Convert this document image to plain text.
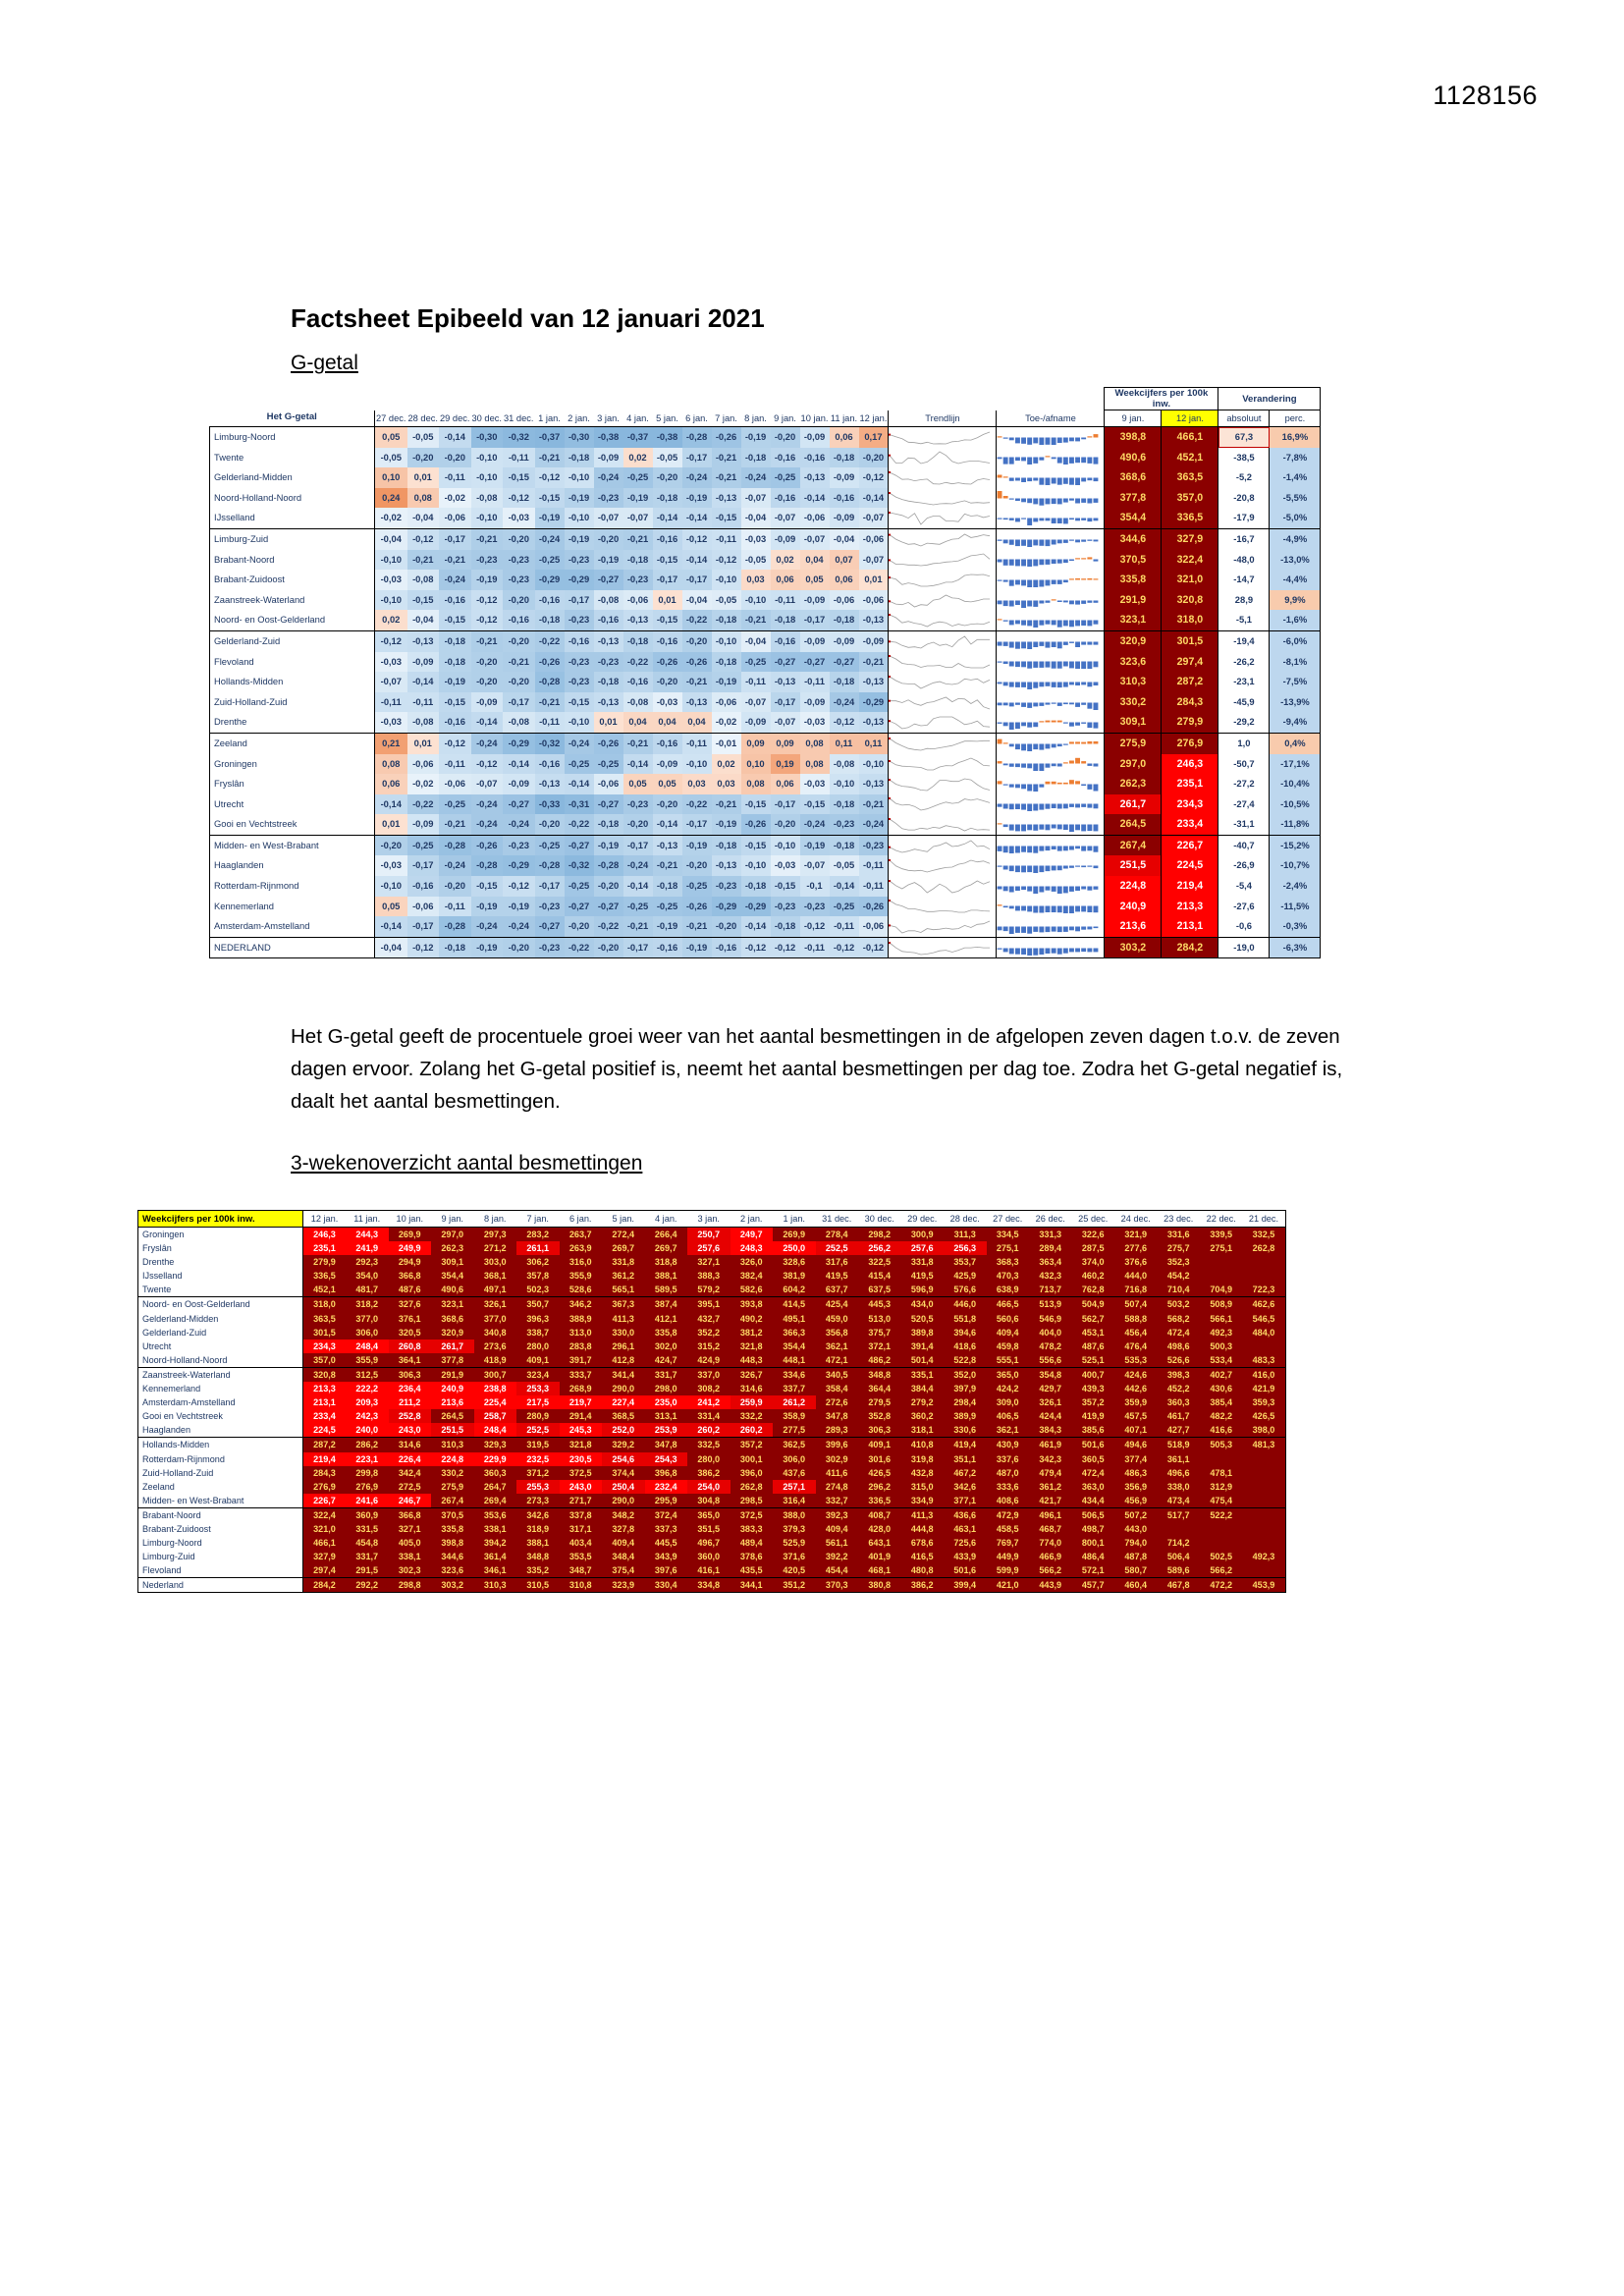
1128156
Factsheet Epibeeld van 12 januari 2021
G-getal
																				Weekcijfers per 100k inw.		Verandering	
Het G-getal	27 dec.	28 dec.	29 dec.	30 dec.	31 dec.	1 jan.	2 jan.	3 jan.	4 jan.	5 jan.	6 jan.	7 jan.	8 jan.	9 jan.	10 jan.	11 jan.	12 jan.	Trendlijn	Toe-/afname	9 jan.	12 jan.	absoluut	perc.
Limburg-Noord	0,05	-0,05	-0,14	-0,30	-0,32	-0,37	-0,30	-0,38	-0,37	-0,38	-0,28	-0,26	-0,19	-0,20	-0,09	0,06	0,17			398,8	466,1	67,3	16,9%
Twente	-0,05	-0,20	-0,20	-0,10	-0,11	-0,21	-0,18	-0,09	0,02	-0,05	-0,17	-0,21	-0,18	-0,16	-0,16	-0,18	-0,20			490,6	452,1	-38,5	-7,8%
Gelderland-Midden	0,10	0,01	-0,11	-0,10	-0,15	-0,12	-0,10	-0,24	-0,25	-0,20	-0,24	-0,21	-0,24	-0,25	-0,13	-0,09	-0,12			368,6	363,5	-5,2	-1,4%
Noord-Holland-Noord	0,24	0,08	-0,02	-0,08	-0,12	-0,15	-0,19	-0,23	-0,19	-0,18	-0,19	-0,13	-0,07	-0,16	-0,14	-0,16	-0,14			377,8	357,0	-20,8	-5,5%
IJsselland	-0,02	-0,04	-0,06	-0,10	-0,03	-0,19	-0,10	-0,07	-0,07	-0,14	-0,14	-0,15	-0,04	-0,07	-0,06	-0,09	-0,07			354,4	336,5	-17,9	-5,0%
Limburg-Zuid	-0,04	-0,12	-0,17	-0,21	-0,20	-0,24	-0,19	-0,20	-0,21	-0,16	-0,12	-0,11	-0,03	-0,09	-0,07	-0,04	-0,06			344,6	327,9	-16,7	-4,9%
Brabant-Noord	-0,10	-0,21	-0,21	-0,23	-0,23	-0,25	-0,23	-0,19	-0,18	-0,15	-0,14	-0,12	-0,05	0,02	0,04	0,07	-0,07			370,5	322,4	-48,0	-13,0%
Brabant-Zuidoost	-0,03	-0,08	-0,24	-0,19	-0,23	-0,29	-0,29	-0,27	-0,23	-0,17	-0,17	-0,10	0,03	0,06	0,05	0,06	0,01			335,8	321,0	-14,7	-4,4%
Zaanstreek-Waterland	-0,10	-0,15	-0,16	-0,12	-0,20	-0,16	-0,17	-0,08	-0,06	0,01	-0,04	-0,05	-0,10	-0,11	-0,09	-0,06	-0,06			291,9	320,8	28,9	9,9%
Noord- en Oost-Gelderland	0,02	-0,04	-0,15	-0,12	-0,16	-0,18	-0,23	-0,16	-0,13	-0,15	-0,22	-0,18	-0,21	-0,18	-0,17	-0,18	-0,13			323,1	318,0	-5,1	-1,6%
Gelderland-Zuid	-0,12	-0,13	-0,18	-0,21	-0,20	-0,22	-0,16	-0,13	-0,18	-0,16	-0,20	-0,10	-0,04	-0,16	-0,09	-0,09	-0,09			320,9	301,5	-19,4	-6,0%
Flevoland	-0,03	-0,09	-0,18	-0,20	-0,21	-0,26	-0,23	-0,23	-0,22	-0,26	-0,26	-0,18	-0,25	-0,27	-0,27	-0,27	-0,21			323,6	297,4	-26,2	-8,1%
Hollands-Midden	-0,07	-0,14	-0,19	-0,20	-0,20	-0,28	-0,23	-0,18	-0,16	-0,20	-0,21	-0,19	-0,11	-0,13	-0,11	-0,18	-0,13			310,3	287,2	-23,1	-7,5%
Zuid-Holland-Zuid	-0,11	-0,11	-0,15	-0,09	-0,17	-0,21	-0,15	-0,13	-0,08	-0,03	-0,13	-0,06	-0,07	-0,17	-0,09	-0,24	-0,29			330,2	284,3	-45,9	-13,9%
Drenthe	-0,03	-0,08	-0,16	-0,14	-0,08	-0,11	-0,10	0,01	0,04	0,04	0,04	-0,02	-0,09	-0,07	-0,03	-0,12	-0,13			309,1	279,9	-29,2	-9,4%
Zeeland	0,21	0,01	-0,12	-0,24	-0,29	-0,32	-0,24	-0,26	-0,21	-0,16	-0,11	-0,01	0,09	0,09	0,08	0,11	0,11			275,9	276,9	1,0	0,4%
Groningen	0,08	-0,06	-0,11	-0,12	-0,14	-0,16	-0,25	-0,25	-0,14	-0,09	-0,10	0,02	0,10	0,19	0,08	-0,08	-0,10			297,0	246,3	-50,7	-17,1%
Fryslân	0,06	-0,02	-0,06	-0,07	-0,09	-0,13	-0,14	-0,06	0,05	0,05	0,03	0,03	0,08	0,06	-0,03	-0,10	-0,13			262,3	235,1	-27,2	-10,4%
Utrecht	-0,14	-0,22	-0,25	-0,24	-0,27	-0,33	-0,31	-0,27	-0,23	-0,20	-0,22	-0,21	-0,15	-0,17	-0,15	-0,18	-0,21			261,7	234,3	-27,4	-10,5%
Gooi en Vechtstreek	0,01	-0,09	-0,21	-0,24	-0,24	-0,20	-0,22	-0,18	-0,20	-0,14	-0,17	-0,19	-0,26	-0,20	-0,24	-0,23	-0,24			264,5	233,4	-31,1	-11,8%
Midden- en West-Brabant	-0,20	-0,25	-0,28	-0,26	-0,23	-0,25	-0,27	-0,19	-0,17	-0,13	-0,19	-0,18	-0,15	-0,10	-0,19	-0,18	-0,23			267,4	226,7	-40,7	-15,2%
Haaglanden	-0,03	-0,17	-0,24	-0,28	-0,29	-0,28	-0,32	-0,28	-0,24	-0,21	-0,20	-0,13	-0,10	-0,03	-0,07	-0,05	-0,11			251,5	224,5	-26,9	-10,7%
Rotterdam-Rijnmond	-0,10	-0,16	-0,20	-0,15	-0,12	-0,17	-0,25	-0,20	-0,14	-0,18	-0,25	-0,23	-0,18	-0,15	-0,1	-0,14	-0,11			224,8	219,4	-5,4	-2,4%
Kennemerland	0,05	-0,06	-0,11	-0,19	-0,19	-0,23	-0,27	-0,27	-0,25	-0,25	-0,26	-0,29	-0,29	-0,23	-0,23	-0,25	-0,26			240,9	213,3	-27,6	-11,5%
Amsterdam-Amstelland	-0,14	-0,17	-0,28	-0,24	-0,24	-0,27	-0,20	-0,22	-0,21	-0,19	-0,21	-0,20	-0,14	-0,18	-0,12	-0,11	-0,06			213,6	213,1	-0,6	-0,3%
NEDERLAND	-0,04	-0,12	-0,18	-0,19	-0,20	-0,23	-0,22	-0,20	-0,17	-0,16	-0,19	-0,16	-0,12	-0,12	-0,11	-0,12	-0,12			303,2	284,2	-19,0	-6,3%

Het G-getal geeft de procentuele groei weer van het aantal besmettingen in de afgelopen zeven dagen t.o.v. de zeven dagen ervoor. Zolang het G-getal positief is, neemt het aantal besmettingen per dag toe. Zodra het G-getal negatief is, daalt het aantal besmettingen.

3-wekenoverzicht aantal besmettingen
Weekcijfers per 100k inw.	12 jan.	11 jan.	10 jan.	9 jan.	8 jan.	7 jan.	6 jan.	5 jan.	4 jan.	3 jan.	2 jan.	1 jan.	31 dec.	30 dec.	29 dec.	28 dec.	27 dec.	26 dec.	25 dec.	24 dec.	23 dec.	22 dec.	21 dec.
Groningen	246,3	244,3	269,9	297,0	297,3	283,2	263,7	272,4	266,4	250,7	249,7	269,9	278,4	298,2	300,9	311,3	334,5	331,3	322,6	321,9	331,6	339,5	332,5
Fryslân	235,1	241,9	249,9	262,3	271,2	261,1	263,9	269,7	269,7	257,6	248,3	250,0	252,5	256,2	257,6	256,3	275,1	289,4	287,5	277,6	275,7	275,1	262,8
Drenthe	279,9	292,3	294,9	309,1	303,0	306,2	316,0	331,8	318,8	327,1	326,0	328,6	317,6	322,5	331,8	353,7	368,3	363,4	374,0	376,6	352,3		
IJsselland	336,5	354,0	366,8	354,4	368,1	357,8	355,9	361,2	388,1	388,3	382,4	381,9	419,5	415,4	419,5	425,9	470,3	432,3	460,2	444,0	454,2		
Twente	452,1	481,7	487,6	490,6	497,1	502,3	528,6	565,1	589,5	579,2	582,6	604,2	637,7	637,5	596,9	576,6	638,9	713,7	762,8	716,8	710,4	704,9	722,3
Noord- en Oost-Gelderland	318,0	318,2	327,6	323,1	326,1	350,7	346,2	367,3	387,4	395,1	393,8	414,5	425,4	445,3	434,0	446,0	466,5	513,9	504,9	507,4	503,2	508,9	462,6
Gelderland-Midden	363,5	377,0	376,1	368,6	377,0	396,3	388,9	411,3	412,1	432,7	490,2	495,1	459,0	513,0	520,5	551,8	560,6	546,9	562,7	588,8	568,2	566,1	546,5
Gelderland-Zuid	301,5	306,0	320,5	320,9	340,8	338,7	313,0	330,0	335,8	352,2	381,2	366,3	356,8	375,7	389,8	394,6	409,4	404,0	453,1	456,4	472,4	492,3	484,0
Utrecht	234,3	248,4	260,8	261,7	273,6	280,0	283,8	296,1	302,0	315,2	321,8	354,4	362,1	372,1	391,4	418,6	459,8	478,2	487,6	476,4	498,6	500,3	
Noord-Holland-Noord	357,0	355,9	364,1	377,8	418,9	409,1	391,7	412,8	424,7	424,9	448,3	448,1	472,1	486,2	501,4	522,8	555,1	556,6	525,1	535,3	526,6	533,4	483,3
Zaanstreek-Waterland	320,8	312,5	306,3	291,9	300,7	323,4	333,7	341,4	331,7	337,0	326,7	334,6	340,5	348,8	335,1	352,0	365,0	354,8	400,7	424,6	398,3	402,7	416,0
Kennemerland	213,3	222,2	236,4	240,9	238,8	253,3	268,9	290,0	298,0	308,2	314,6	337,7	358,4	364,4	384,4	397,9	424,2	429,7	439,3	442,6	452,2	430,6	421,9
Amsterdam-Amstelland	213,1	209,3	211,2	213,6	225,4	217,5	219,7	227,4	235,0	241,2	259,9	261,2	272,6	279,5	279,2	298,4	309,0	326,1	357,2	359,9	360,3	385,4	359,3
Gooi en Vechtstreek	233,4	242,3	252,8	264,5	258,7	280,9	291,4	368,5	313,1	331,4	332,2	358,9	347,8	352,8	360,2	389,9	406,5	424,4	419,9	457,5	461,7	482,2	426,5
Haaglanden	224,5	240,0	243,0	251,5	248,4	252,5	245,3	252,0	253,9	260,2	260,2	277,5	289,3	306,3	318,1	330,6	362,1	384,3	385,6	407,1	427,7	416,6	398,0
Hollands-Midden	287,2	286,2	314,6	310,3	329,3	319,5	321,8	329,2	347,8	332,5	357,2	362,5	399,6	409,1	410,8	419,4	430,9	461,9	501,6	494,6	518,9	505,3	481,3
Rotterdam-Rijnmond	219,4	223,1	226,4	224,8	229,9	232,5	230,5	254,6	254,3	280,0	300,1	306,0	302,9	301,6	319,8	351,1	337,6	342,3	360,5	377,4	361,1		
Zuid-Holland-Zuid	284,3	299,8	342,4	330,2	360,3	371,2	372,5	374,4	396,8	386,2	396,0	437,6	411,6	426,5	432,8	467,2	487,0	479,4	472,4	486,3	496,6	478,1	
Zeeland	276,9	276,9	272,5	275,9	264,7	255,3	243,0	250,4	232,4	254,0	262,8	257,1	274,8	296,2	315,0	342,6	333,6	361,2	363,0	356,9	338,0	312,9	
Midden- en West-Brabant	226,7	241,6	246,7	267,4	269,4	273,3	271,7	290,0	295,9	304,8	298,5	316,4	332,7	336,5	334,9	377,1	408,6	421,7	434,4	456,9	473,4	475,4	
Brabant-Noord	322,4	360,9	366,8	370,5	353,6	342,6	337,8	348,2	372,4	365,0	372,5	388,0	392,3	408,7	411,3	436,6	472,9	496,1	506,5	507,2	517,7	522,2	
Brabant-Zuidoost	321,0	331,5	327,1	335,8	338,1	318,9	317,1	327,8	337,3	351,5	383,3	379,3	409,4	428,0	444,8	463,1	458,5	468,7	498,7	443,0			
Limburg-Noord	466,1	454,8	405,0	398,8	394,2	388,1	403,4	409,4	445,5	496,7	489,4	525,9	561,1	643,1	678,6	725,6	769,7	774,0	800,1	794,0	714,2		
Limburg-Zuid	327,9	331,7	338,1	344,6	361,4	348,8	353,5	348,4	343,9	360,0	378,6	371,6	392,2	401,9	416,5	433,9	449,9	466,9	486,4	487,8	506,4	502,5	492,3
Flevoland	297,4	291,5	302,3	323,6	346,1	335,2	348,7	375,4	397,6	416,1	435,5	420,5	454,4	468,1	480,8	501,6	599,9	566,2	572,1	580,7	589,6	566,2	
Nederland	284,2	292,2	298,8	303,2	310,3	310,5	310,8	323,9	330,4	334,8	344,1	351,2	370,3	380,8	386,2	399,4	421,0	443,9	457,7	460,4	467,8	472,2	453,9
